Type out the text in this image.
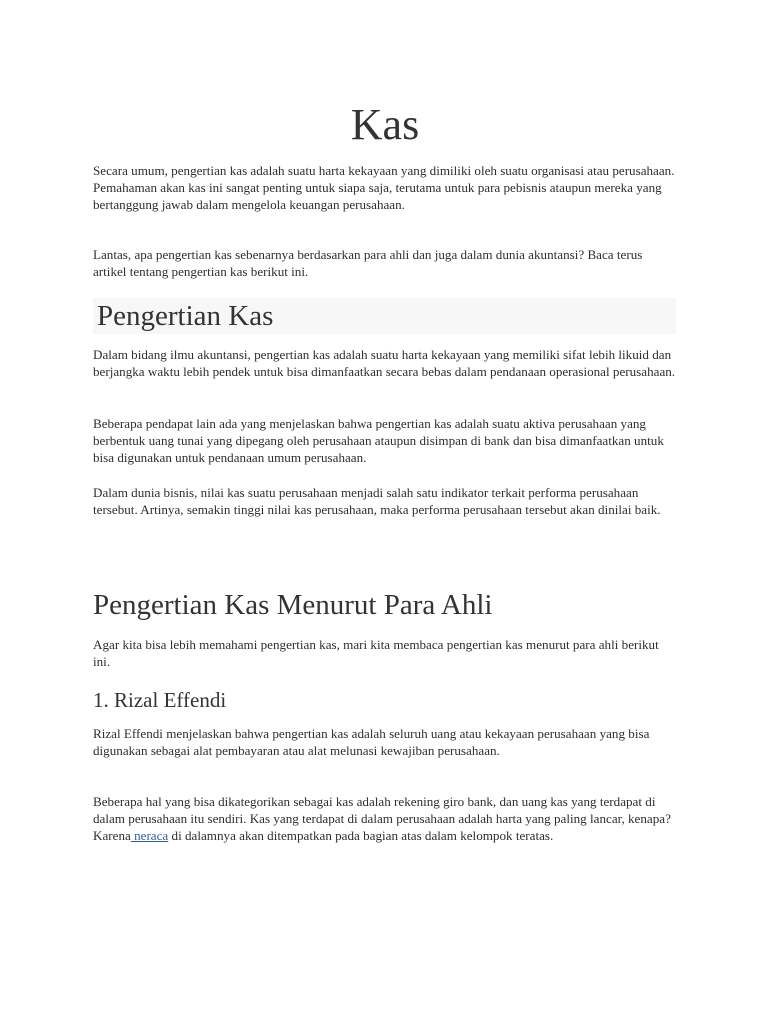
Kas

Secara umum, pengertian kas adalah suatu harta kekayaan yang dimiliki oleh suatu organisasi atau perusahaan. Pemahaman akan kas ini sangat penting untuk siapa saja, terutama untuk para pebisnis ataupun mereka yang bertanggung jawab dalam mengelola keuangan perusahaan.

Lantas, apa pengertian kas sebenarnya berdasarkan para ahli dan juga dalam dunia akuntansi? Baca terus artikel tentang pengertian kas berikut ini.

Pengertian Kas

Dalam bidang ilmu akuntansi, pengertian kas adalah suatu harta kekayaan yang memiliki sifat lebih likuid dan berjangka waktu lebih pendek untuk bisa dimanfaatkan secara bebas dalam pendanaan operasional perusahaan.

Beberapa pendapat lain ada yang menjelaskan bahwa pengertian kas adalah suatu aktiva perusahaan yang berbentuk uang tunai yang dipegang oleh perusahaan ataupun disimpan di bank dan bisa dimanfaatkan untuk bisa digunakan untuk pendanaan umum perusahaan.

Dalam dunia bisnis, nilai kas suatu perusahaan menjadi salah satu indikator terkait performa perusahaan tersebut. Artinya, semakin tinggi nilai kas perusahaan, maka performa perusahaan tersebut akan dinilai baik.

Pengertian Kas Menurut Para Ahli

Agar kita bisa lebih memahami pengertian kas, mari kita membaca pengertian kas menurut para ahli berikut ini.

1. Rizal Effendi

Rizal Effendi menjelaskan bahwa pengertian kas adalah seluruh uang atau kekayaan perusahaan yang bisa digunakan sebagai alat pembayaran atau alat melunasi kewajiban perusahaan.

Beberapa hal yang bisa dikategorikan sebagai kas adalah rekening giro bank, dan uang kas yang terdapat di dalam perusahaan itu sendiri. Kas yang terdapat di dalam perusahaan adalah harta yang paling lancar, kenapa? Karena neraca di dalamnya akan ditempatkan pada bagian atas dalam kelompok teratas.
